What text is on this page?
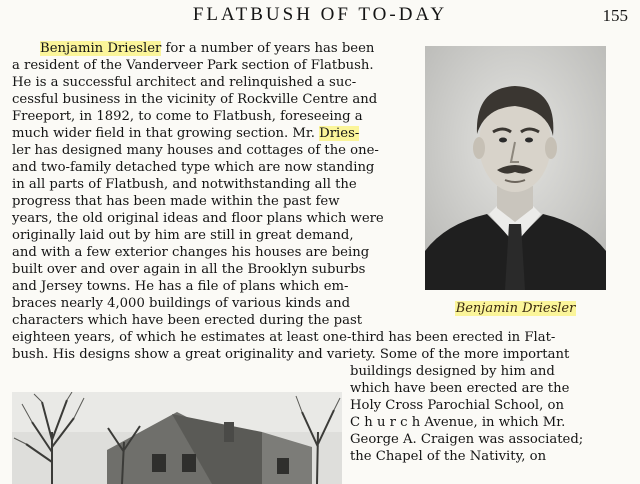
FLATBUSH OF TO-DAY	155
Benjamin Driesler for a number of years has been
a resident of the Vanderveer Park section of Flatbush.
He is a successful architect and relinquished a suc-
cessful business in the vicinity of Rockville Centre and
Freeport, in 1892, to come to Flatbush, foreseeing a
much wider field in that growing section. Mr. Dries-
ler has designed many houses and cottages of the one-
and two-family detached type which are now standing
in all parts of Flatbush, and notwithstanding all the
progress that has been made within the past few
years, the old original ideas and floor plans which were
originally laid out by him are still in great demand,
and with a few exterior changes his houses are being
built over and over again in all the Brooklyn suburbs
and Jersey towns. He has a file of plans which em-
braces nearly 4,000 buildings of various kinds and
characters which have been erected during the past
eighteen years, of which he estimates at least one-third has been erected in Flat-
bush. His designs show a great originality and variety. Some of the more important
buildings designed by him and
which have been erected are the
Holy Cross Parochial School, on
C h u r c h Avenue, in which Mr.
George A. Craigen was associated;
the Chapel of the Nativity, on
Benjamin Driesler
